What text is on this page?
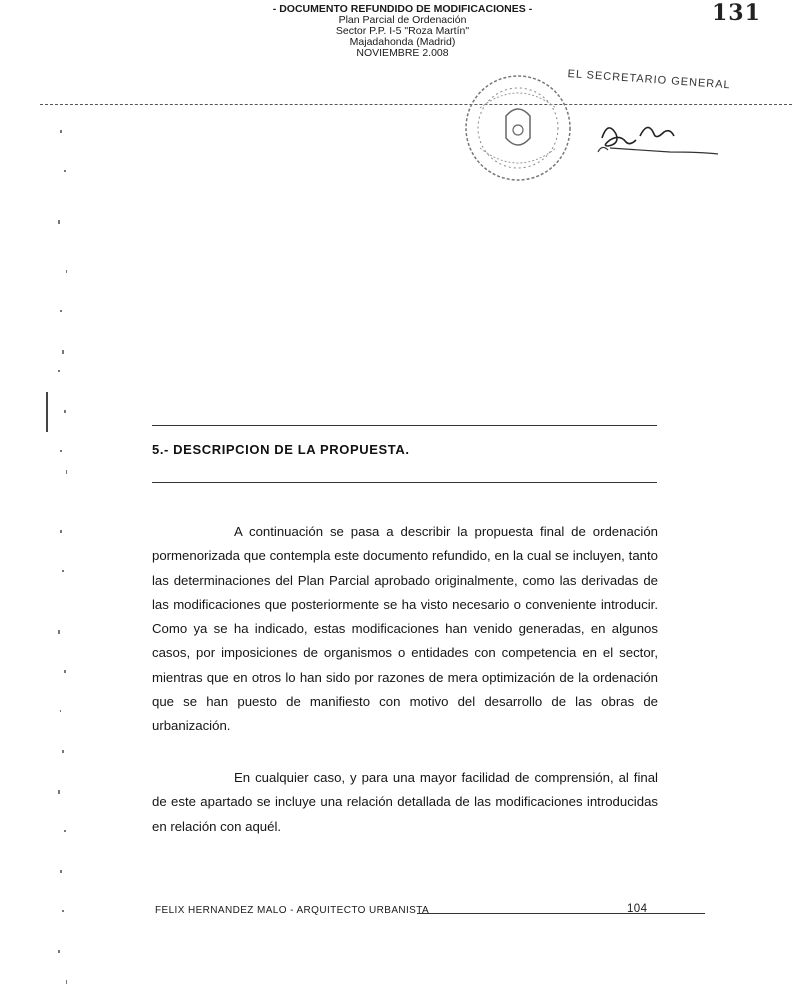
- DOCUMENTO REFUNDIDO DE MODIFICACIONES -
Plan Parcial de Ordenación
Sector P.P. I-5 "Roza Martín"
Majadahonda (Madrid)
NOVIEMBRE 2.008
131
EL SECRETARIO GENERAL
5.- DESCRIPCION DE LA PROPUESTA.
A continuación se pasa a describir la propuesta final de ordenación pormenorizada que contempla este documento refundido, en la cual se incluyen, tanto las determinaciones del Plan Parcial aprobado originalmente, como las derivadas de las modificaciones que posteriormente se ha visto necesario o conveniente introducir. Como ya se ha indicado, estas modificaciones han venido generadas, en algunos casos, por imposiciones de organismos o entidades con competencia en el sector, mientras que en otros lo han sido por razones de mera optimización de la ordenación que se han puesto de manifiesto con motivo del desarrollo de las obras de urbanización.
En cualquier caso, y para una mayor facilidad de comprensión, al final de este apartado se incluye una relación detallada de las modificaciones introducidas en relación con aquél.
FELIX HERNANDEZ MALO - ARQUITECTO URBANISTA	104
